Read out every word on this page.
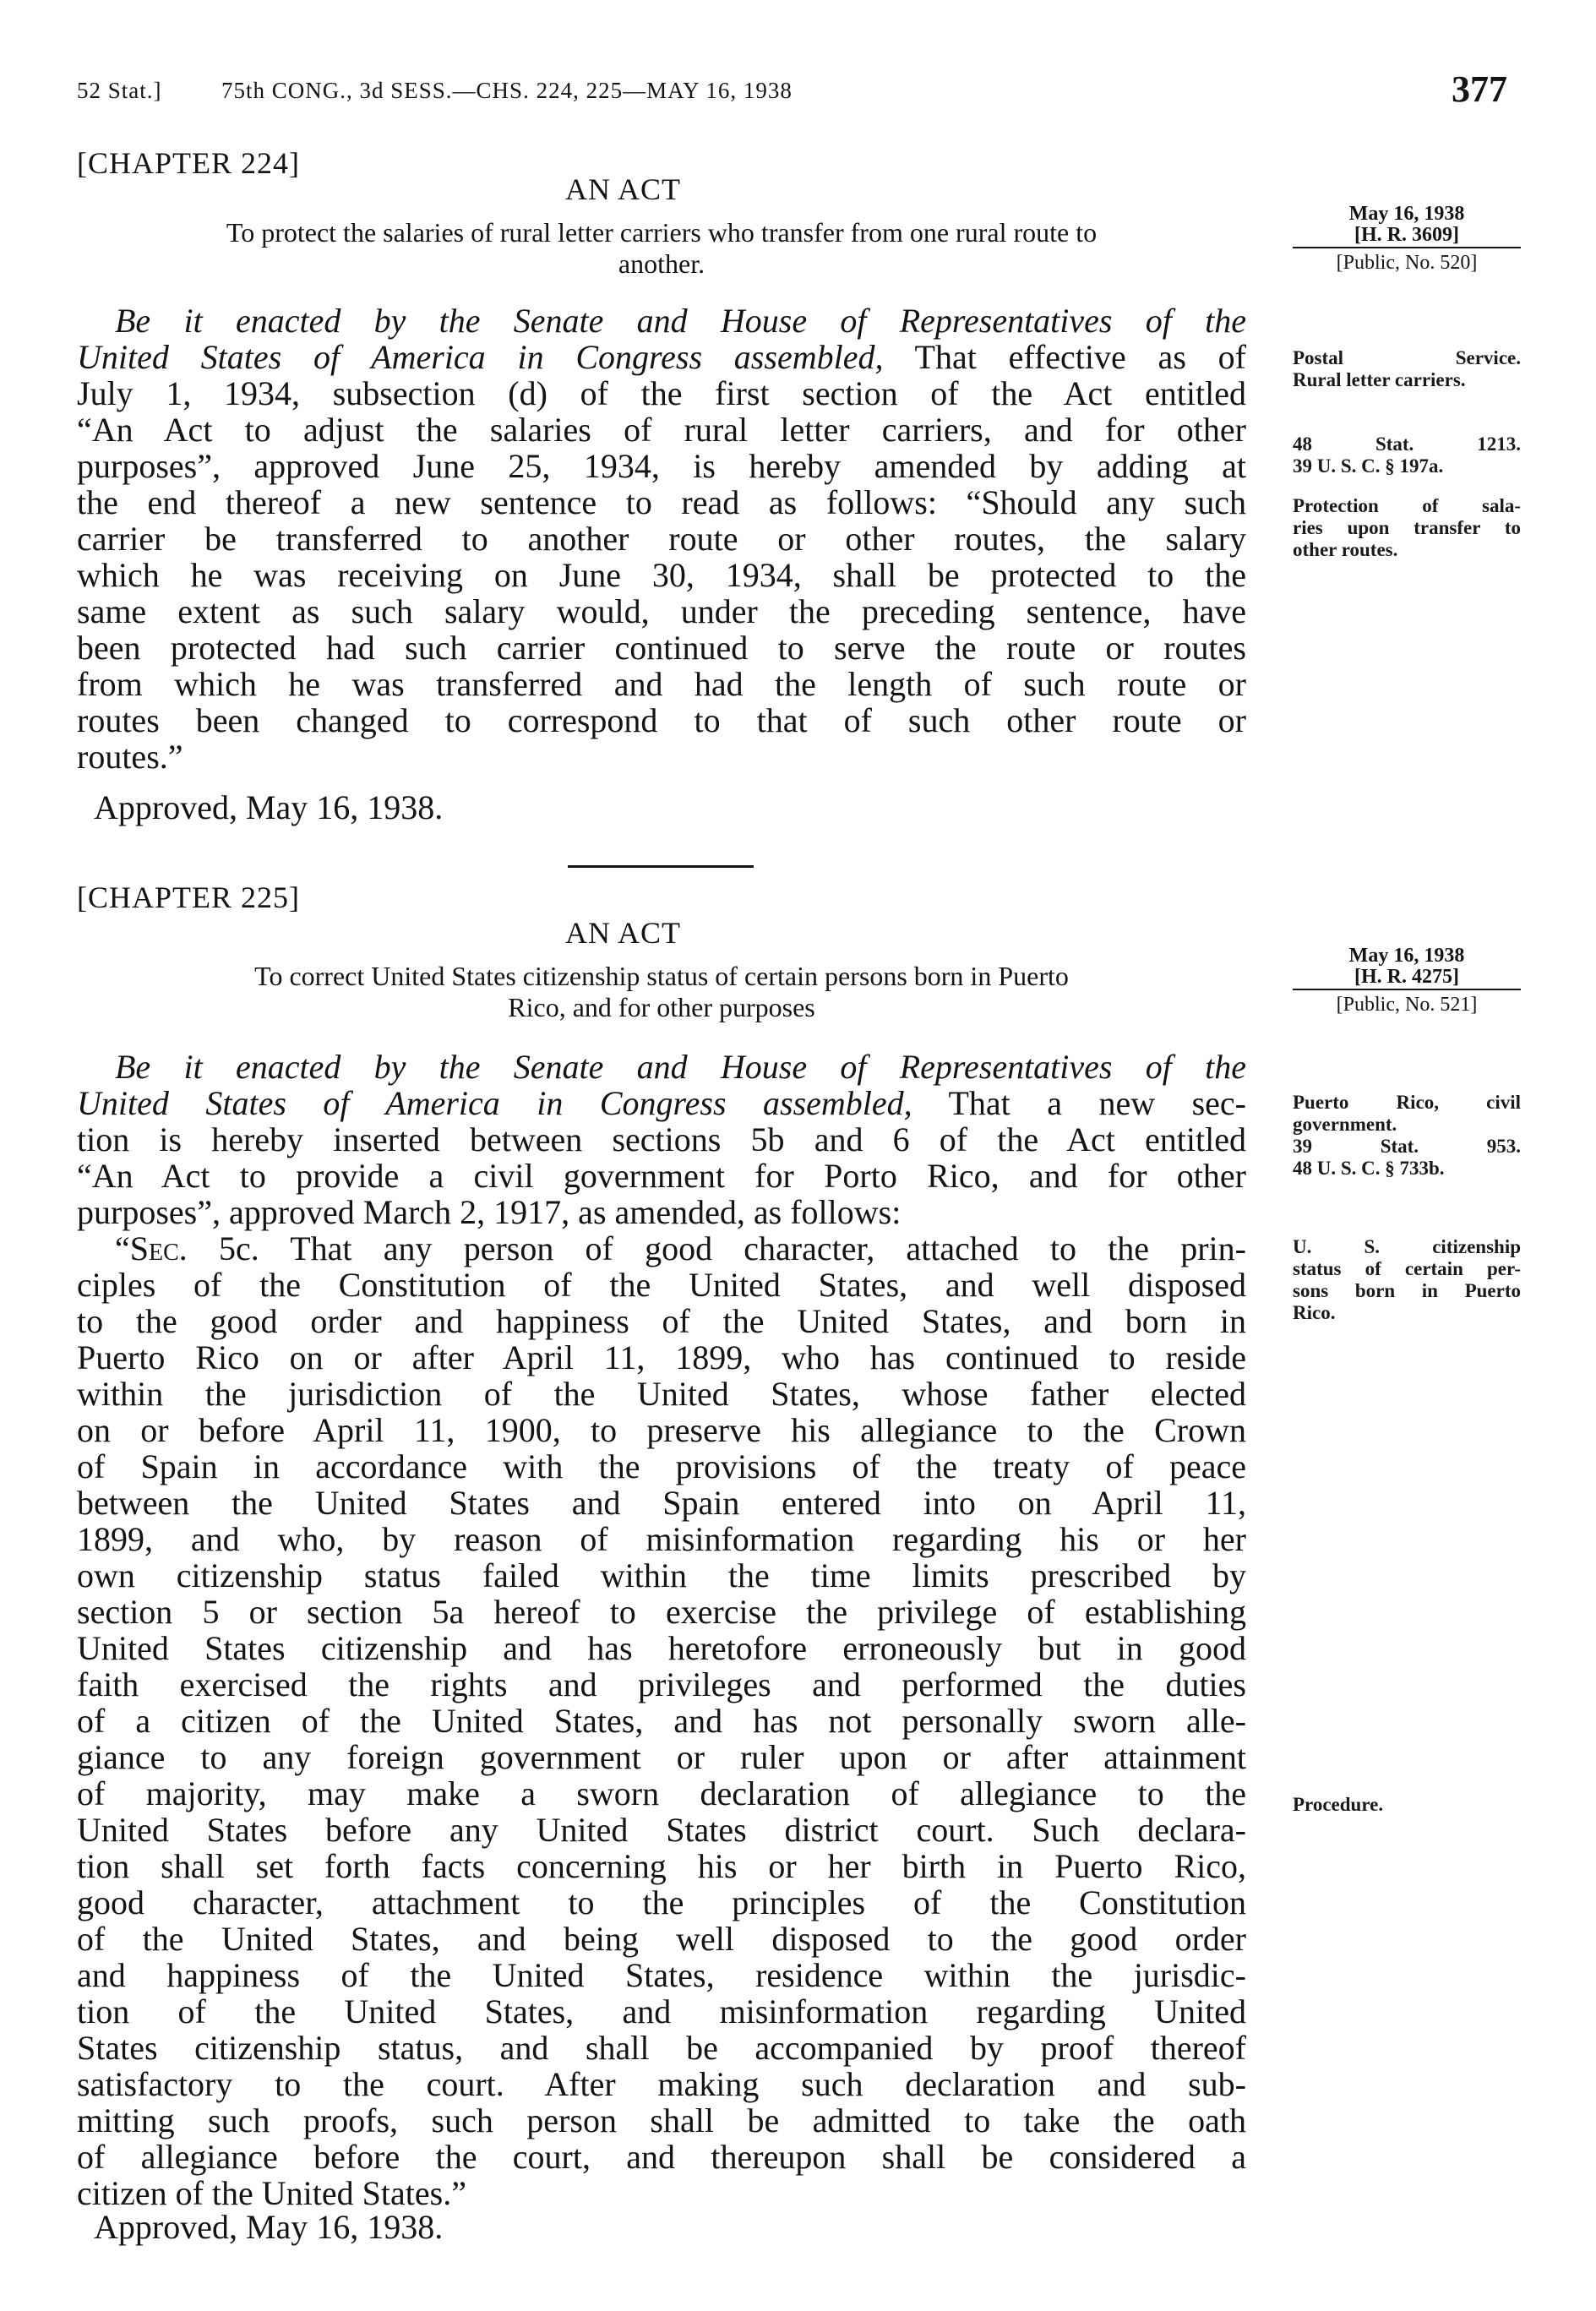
52 Stat.]	75th CONG., 3d SESS.—CHS. 224, 225—MAY 16, 1938	377
[CHAPTER 224]
AN ACT
To protect the salaries of rural letter carriers who transfer from one rural route to
another.
May 16, 1938
[H. R. 3609]
[Public, No. 520]
Be it enacted by the Senate and House of Representatives of the
United States of America in Congress assembled, That effective as of
July 1, 1934, subsection (d) of the first section of the Act entitled
“An Act to adjust the salaries of rural letter carriers, and for other
purposes”, approved June 25, 1934, is hereby amended by adding at
the end thereof a new sentence to read as follows: “Should any such
carrier be transferred to another route or other routes, the salary
which he was receiving on June 30, 1934, shall be protected to the
same extent as such salary would, under the preceding sentence, have
been protected had such carrier continued to serve the route or routes
from which he was transferred and had the length of such route or
routes been changed to correspond to that of such other route or
routes.”
Approved, May 16, 1938.
Postal Service.
Rural letter carriers.
48 Stat. 1213.
39 U. S. C. § 197a.
Protection of sala-
ries upon transfer to
other routes.
[CHAPTER 225]
AN ACT
To correct United States citizenship status of certain persons born in Puerto
Rico, and for other purposes
May 16, 1938
[H. R. 4275]
[Public, No. 521]
Be it enacted by the Senate and House of Representatives of the
United States of America in Congress assembled, That a new sec-
tion is hereby inserted between sections 5b and 6 of the Act entitled
“An Act to provide a civil government for Porto Rico, and for other
purposes”, approved March 2, 1917, as amended, as follows:
“Sec. 5c. That any person of good character, attached to the prin-
ciples of the Constitution of the United States, and well disposed
to the good order and happiness of the United States, and born in
Puerto Rico on or after April 11, 1899, who has continued to reside
within the jurisdiction of the United States, whose father elected
on or before April 11, 1900, to preserve his allegiance to the Crown
of Spain in accordance with the provisions of the treaty of peace
between the United States and Spain entered into on April 11,
1899, and who, by reason of misinformation regarding his or her
own citizenship status failed within the time limits prescribed by
section 5 or section 5a hereof to exercise the privilege of establishing
United States citizenship and has heretofore erroneously but in good
faith exercised the rights and privileges and performed the duties
of a citizen of the United States, and has not personally sworn alle-
giance to any foreign government or ruler upon or after attainment
of majority, may make a sworn declaration of allegiance to the
United States before any United States district court. Such declara-
tion shall set forth facts concerning his or her birth in Puerto Rico,
good character, attachment to the principles of the Constitution
of the United States, and being well disposed to the good order
and happiness of the United States, residence within the jurisdic-
tion of the United States, and misinformation regarding United
States citizenship status, and shall be accompanied by proof thereof
satisfactory to the court. After making such declaration and sub-
mitting such proofs, such person shall be admitted to take the oath
of allegiance before the court, and thereupon shall be considered a
citizen of the United States.”
Approved, May 16, 1938.
Puerto Rico, civil
government.
39 Stat. 953.
48 U. S. C. § 733b.
U. S. citizenship
status of certain per-
sons born in Puerto
Rico.
Procedure.
